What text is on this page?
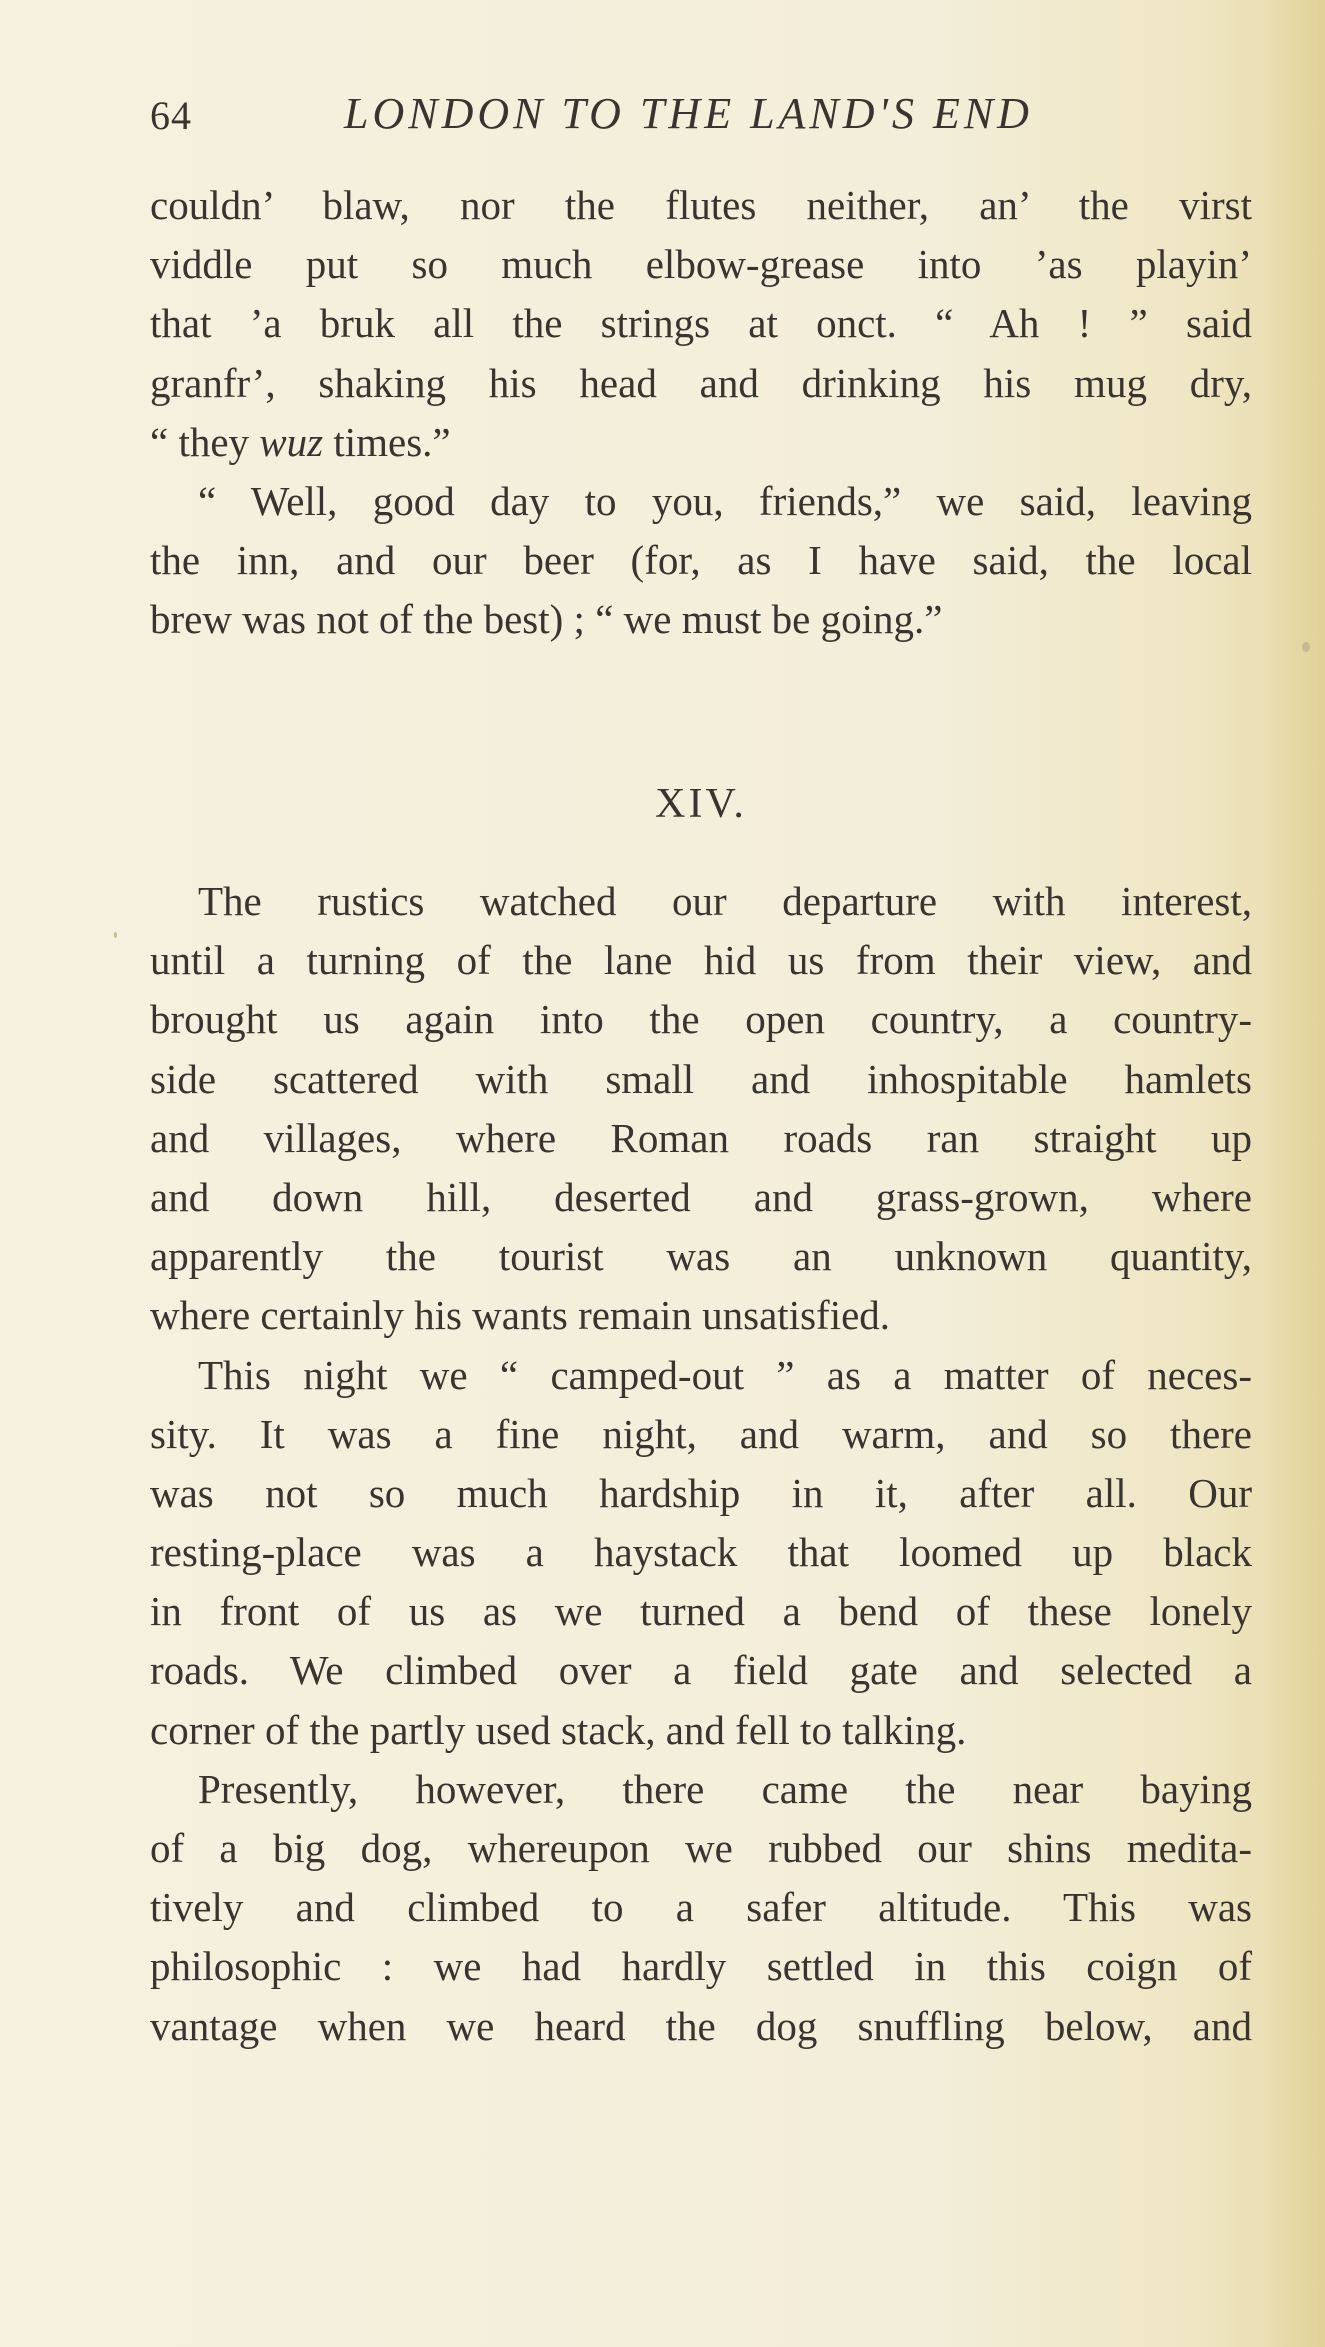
64	LONDON TO THE LAND'S END
couldn’ blaw, nor the flutes neither, an’ the virst
viddle put so much elbow-grease into ’as playin’
that ’a bruk all the strings at onct. “ Ah ! ” said
granfr’, shaking his head and drinking his mug dry,
“ they wuz times.”
“ Well, good day to you, friends,” we said, leaving
the inn, and our beer (for, as I have said, the local
brew was not of the best) ; “ we must be going.”
XIV.
The rustics watched our departure with interest,
until a turning of the lane hid us from their view, and
brought us again into the open country, a country-
side scattered with small and inhospitable hamlets
and villages, where Roman roads ran straight up
and down hill, deserted and grass-grown, where
apparently the tourist was an unknown quantity,
where certainly his wants remain unsatisfied.
This night we “ camped-out ” as a matter of neces-
sity. It was a fine night, and warm, and so there
was not so much hardship in it, after all. Our
resting-place was a haystack that loomed up black
in front of us as we turned a bend of these lonely
roads. We climbed over a field gate and selected a
corner of the partly used stack, and fell to talking.
Presently, however, there came the near baying
of a big dog, whereupon we rubbed our shins medita-
tively and climbed to a safer altitude. This was
philosophic : we had hardly settled in this coign of
vantage when we heard the dog snuffling below, and
